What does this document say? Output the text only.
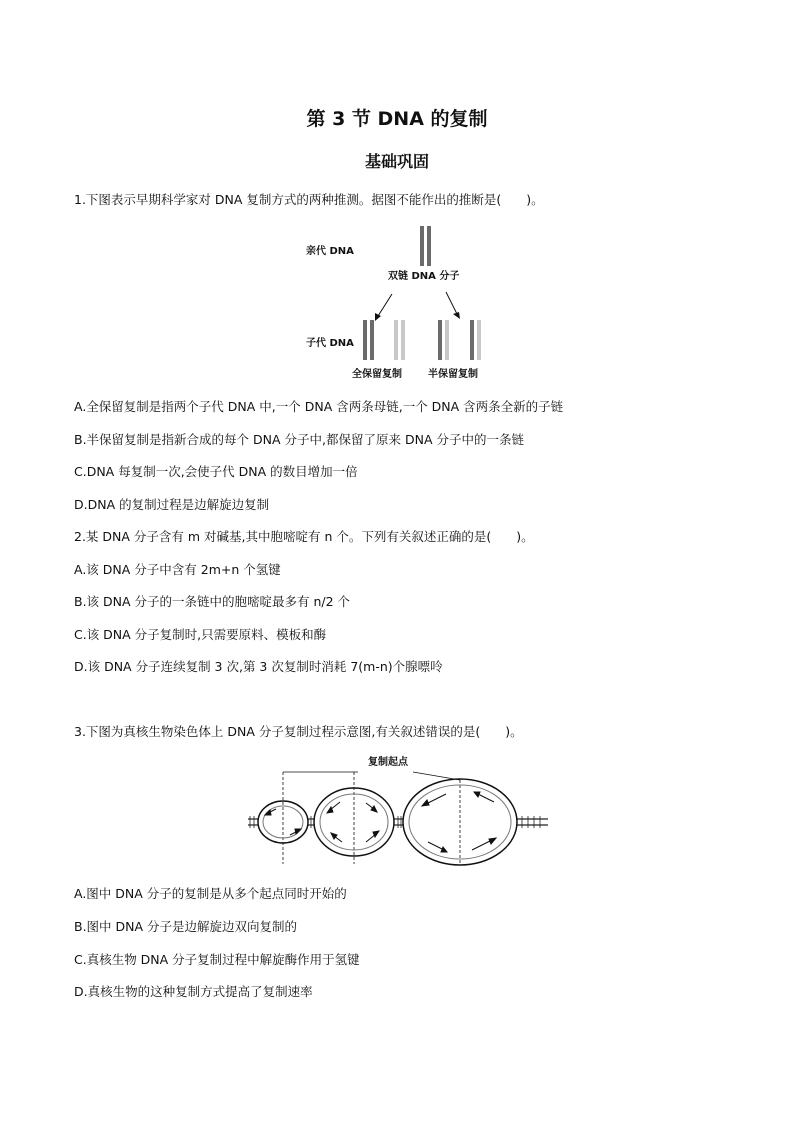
第 3 节 DNA 的复制
基础巩固
1.下图表示早期科学家对 DNA 复制方式的两种推测。据图不能作出的推断是(　　)。
亲代 DNA
双链 DNA 分子
子代 DNA
全保留复制	半保留复制
A.全保留复制是指两个子代 DNA 中,一个 DNA 含两条母链,一个 DNA 含两条全新的子链
B.半保留复制是指新合成的每个 DNA 分子中,都保留了原来 DNA 分子中的一条链
C.DNA 每复制一次,会使子代 DNA 的数目增加一倍
D.DNA 的复制过程是边解旋边复制
2.某 DNA 分子含有 m 对碱基,其中胞嘧啶有 n 个。下列有关叙述正确的是(　　)。
A.该 DNA 分子中含有 2m+n 个氢键
B.该 DNA 分子的一条链中的胞嘧啶最多有 n/2 个
C.该 DNA 分子复制时,只需要原料、模板和酶
D.该 DNA 分子连续复制 3 次,第 3 次复制时消耗 7(m-n)个腺嘌呤
3.下图为真核生物染色体上 DNA 分子复制过程示意图,有关叙述错误的是(　　)。
复制起点
A.图中 DNA 分子的复制是从多个起点同时开始的
B.图中 DNA 分子是边解旋边双向复制的
C.真核生物 DNA 分子复制过程中解旋酶作用于氢键
D.真核生物的这种复制方式提高了复制速率
